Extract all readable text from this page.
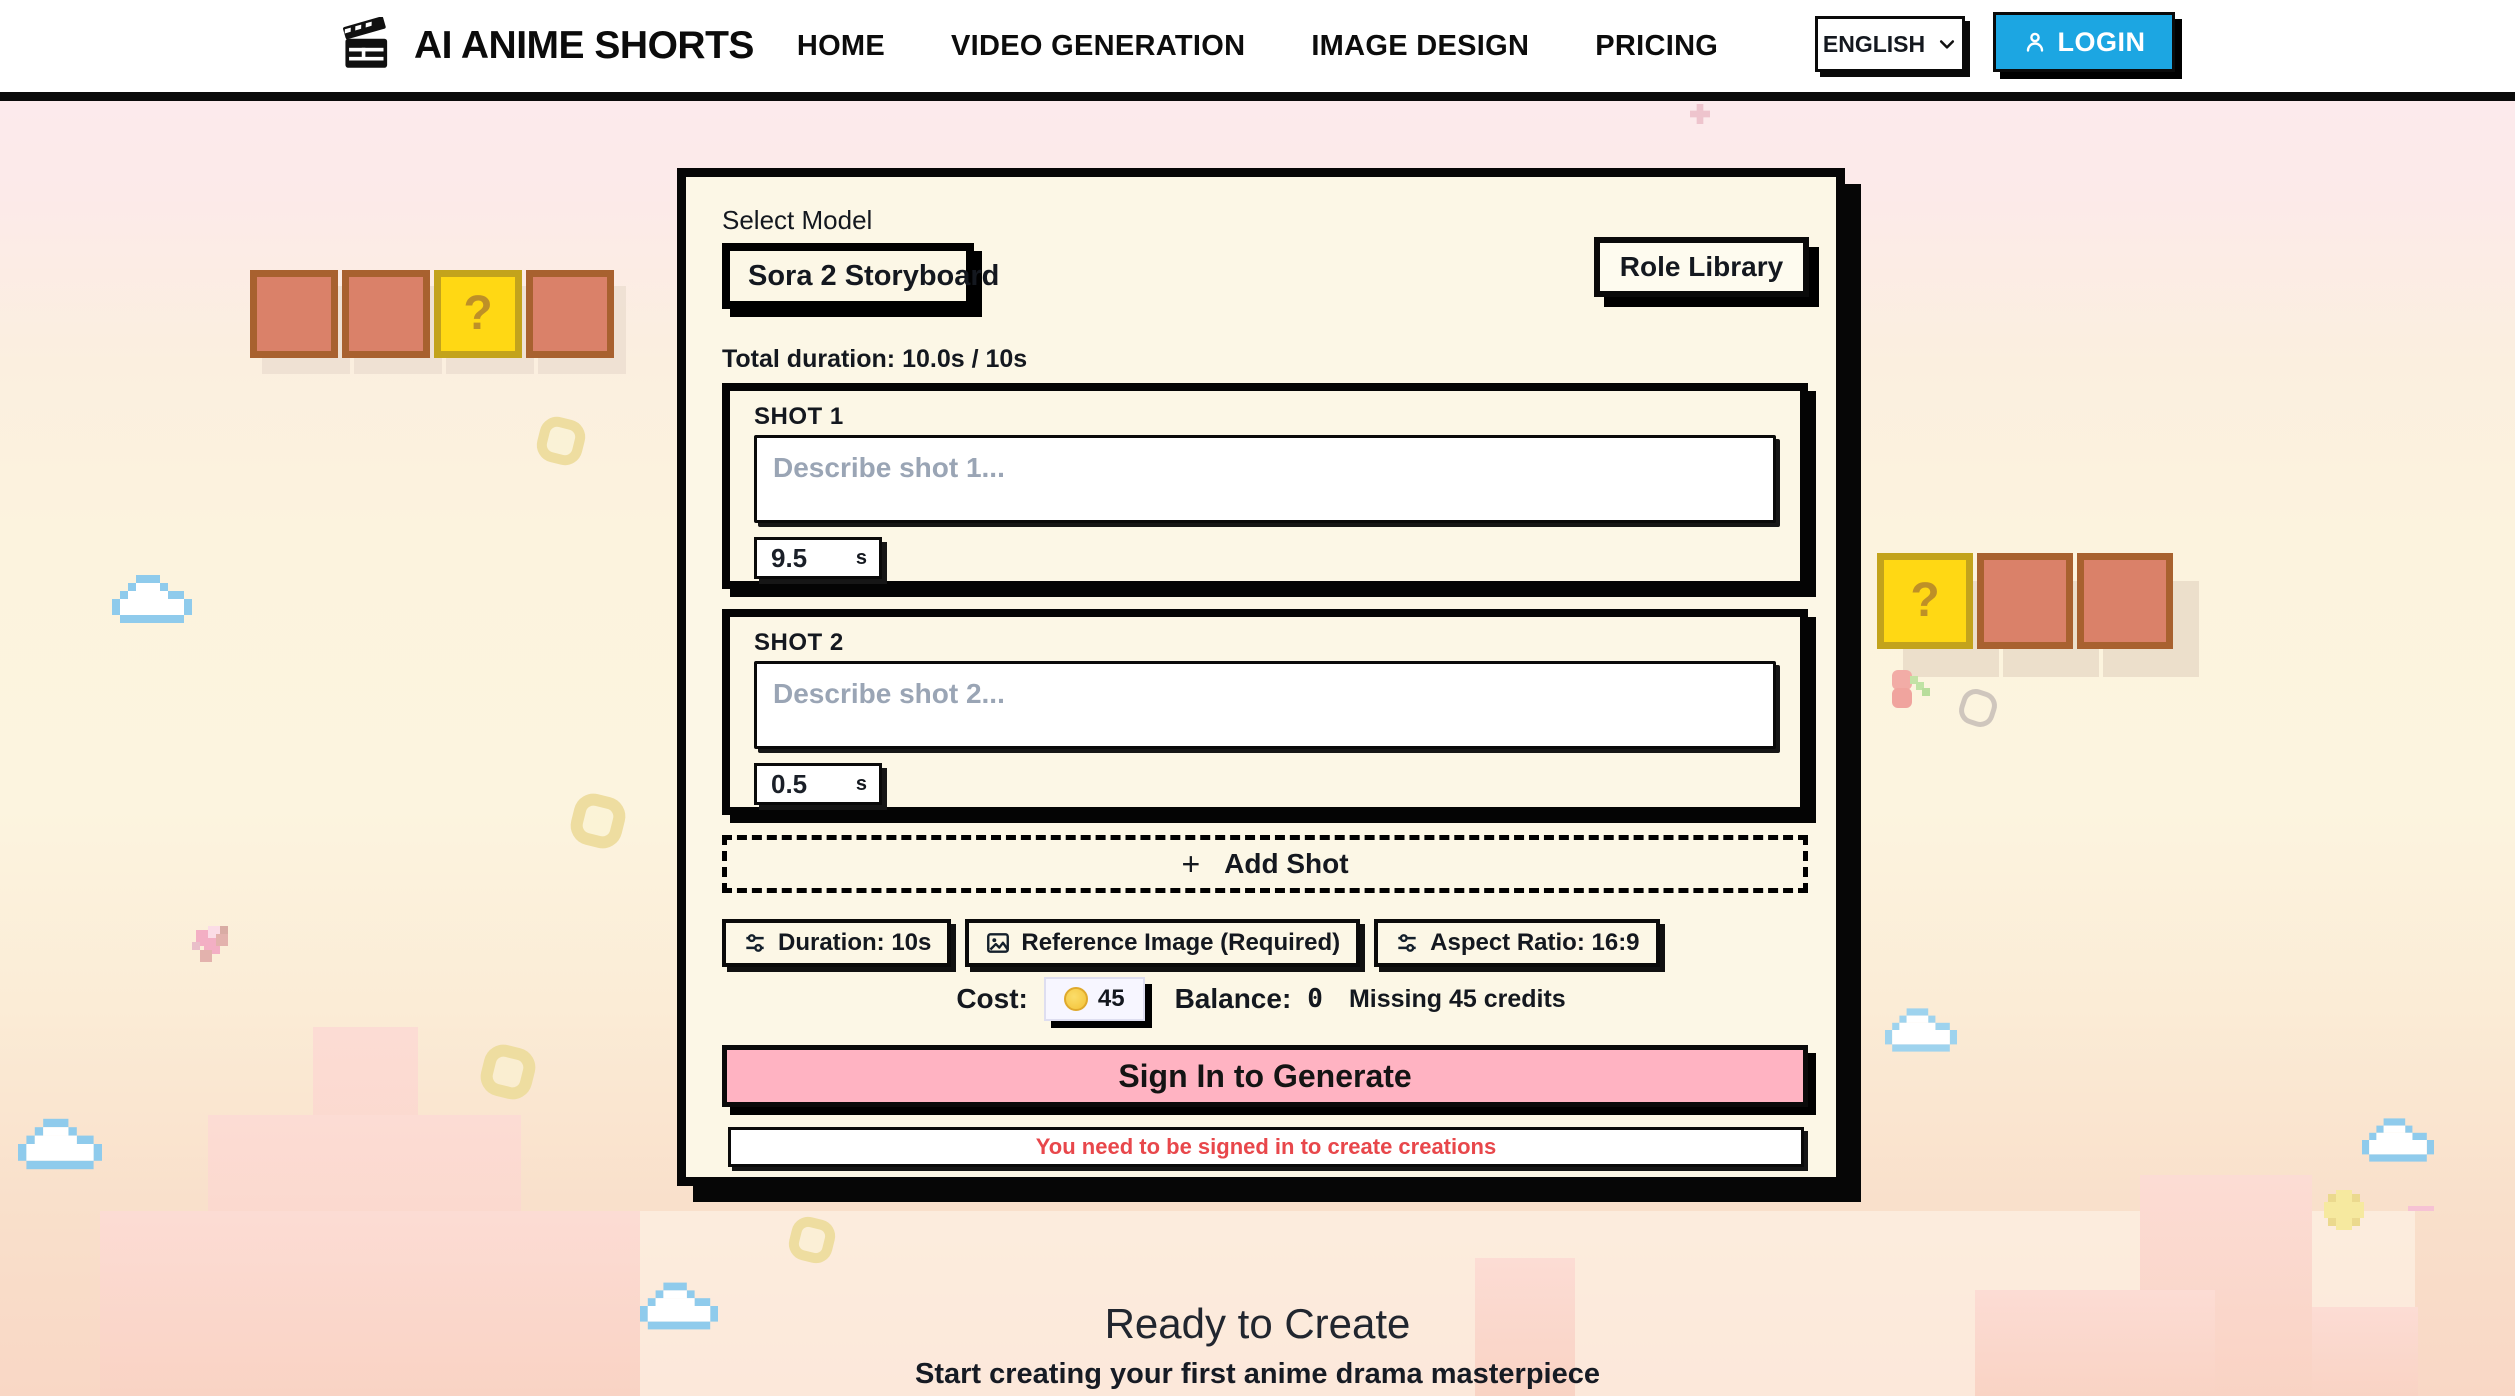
?
?
AI ANIME SHORTS HOME VIDEO GENERATION IMAGE DESIGN PRICING	ENGLISH	LOGIN
Select Model
Sora 2 Storyboard	Role Library
Total duration: 10.0s / 10s
SHOT 1
Describe shot 1...
9.5
s
SHOT 2
Describe shot 2...
0.5
s
+ Add Shot
Duration: 10s	Reference Image (Required)	Aspect Ratio: 16:9
Cost:	45 Balance: 0 Missing 45 credits
Sign In to Generate
You need to be signed in to create creations
Ready to Create
Start creating your first anime drama masterpiece
